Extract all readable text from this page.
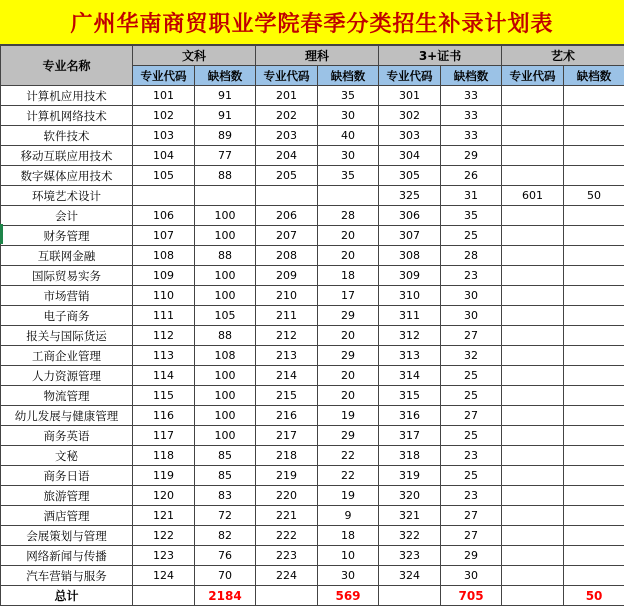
广州华南商贸职业学院春季分类招生补录计划表
专业名称	文科		理科		3+证书		艺术	
	专业代码	缺档数	专业代码	缺档数	专业代码	缺档数	专业代码	缺档数
计算机应用技术	101	91	201	35	301	33		
计算机网络技术	102	91	202	30	302	33		
软件技术	103	89	203	40	303	33		
移动互联应用技术	104	77	204	30	304	29		
数字媒体应用技术	105	88	205	35	305	26		
环境艺术设计					325	31	601	50
会计	106	100	206	28	306	35		
财务管理	107	100	207	20	307	25		
互联网金融	108	88	208	20	308	28		
国际贸易实务	109	100	209	18	309	23		
市场营销	110	100	210	17	310	30		
电子商务	111	105	211	29	311	30		
报关与国际货运	112	88	212	20	312	27		
工商企业管理	113	108	213	29	313	32		
人力资源管理	114	100	214	20	314	25		
物流管理	115	100	215	20	315	25		
幼儿发展与健康管理	116	100	216	19	316	27		
商务英语	117	100	217	29	317	25		
文秘	118	85	218	22	318	23		
商务日语	119	85	219	22	319	25		
旅游管理	120	83	220	19	320	23		
酒店管理	121	72	221	9	321	27		
会展策划与管理	122	82	222	18	322	27		
网络新闻与传播	123	76	223	10	323	29		
汽车营销与服务	124	70	224	30	324	30		
总计		2184		569		705		50
